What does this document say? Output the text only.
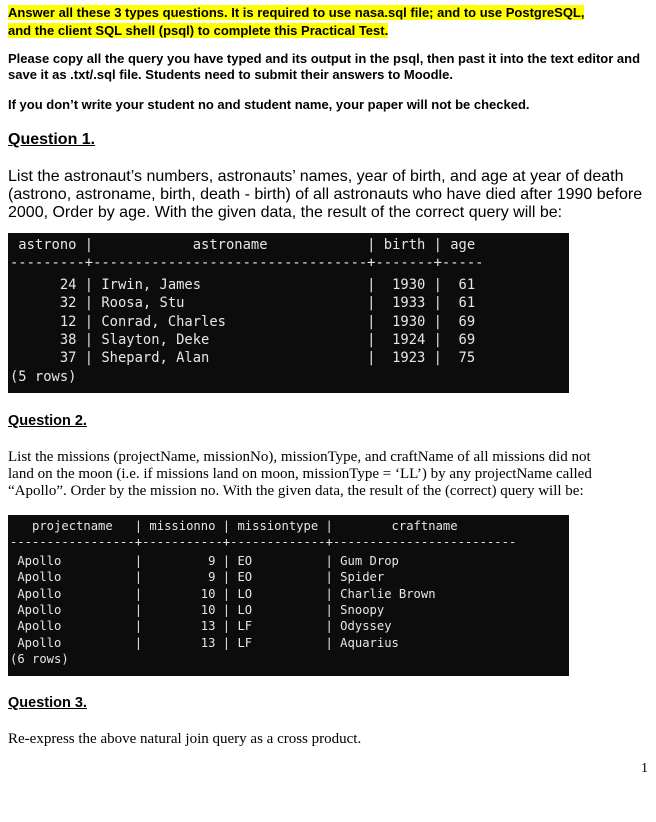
Answer all these 3 types questions. It is required to use nasa.sql file; and to use PostgreSQL,
and the client SQL shell (psql) to complete this Practical Test.
Please copy all the query you have typed and its output in the psql, then past it into the text editor and
save it as .txt/.sql file. Students need to submit their answers to Moodle.
If you don’t write your student no and student name, your paper will not be checked.
Question 1.
List the astronaut’s numbers, astronauts’ names, year of birth, and age at year of death
(astrono, astroname, birth, death - birth) of all astronauts who have died after 1990 before
2000, Order by age. With the given data, the result of the correct query will be:
astrono |            astroname            | birth | age
---------+---------------------------------+-------+-----
24 | Irwin, James                    |  1930 |  61
32 | Roosa, Stu                      |  1933 |  61
12 | Conrad, Charles                 |  1930 |  69
38 | Slayton, Deke                   |  1924 |  69
37 | Shepard, Alan                   |  1923 |  75
(5 rows)
Question 2.
List the missions (projectName, missionNo), missionType, and craftName of all missions did not
land on the moon (i.e. if missions land on moon, missionType = ‘LL’) by any projectName called
“Apollo”. Order by the mission no. With the given data, the result of the (correct) query will be:
projectname   | missionno | missiontype |        craftname
-----------------+-----------+-------------+-------------------------
Apollo          |         9 | EO          | Gum Drop
Apollo          |         9 | EO          | Spider
Apollo          |        10 | LO          | Charlie Brown
Apollo          |        10 | LO          | Snoopy
Apollo          |        13 | LF          | Odyssey
Apollo          |        13 | LF          | Aquarius
(6 rows)
Question 3.
Re-express the above natural join query as a cross product.
1
